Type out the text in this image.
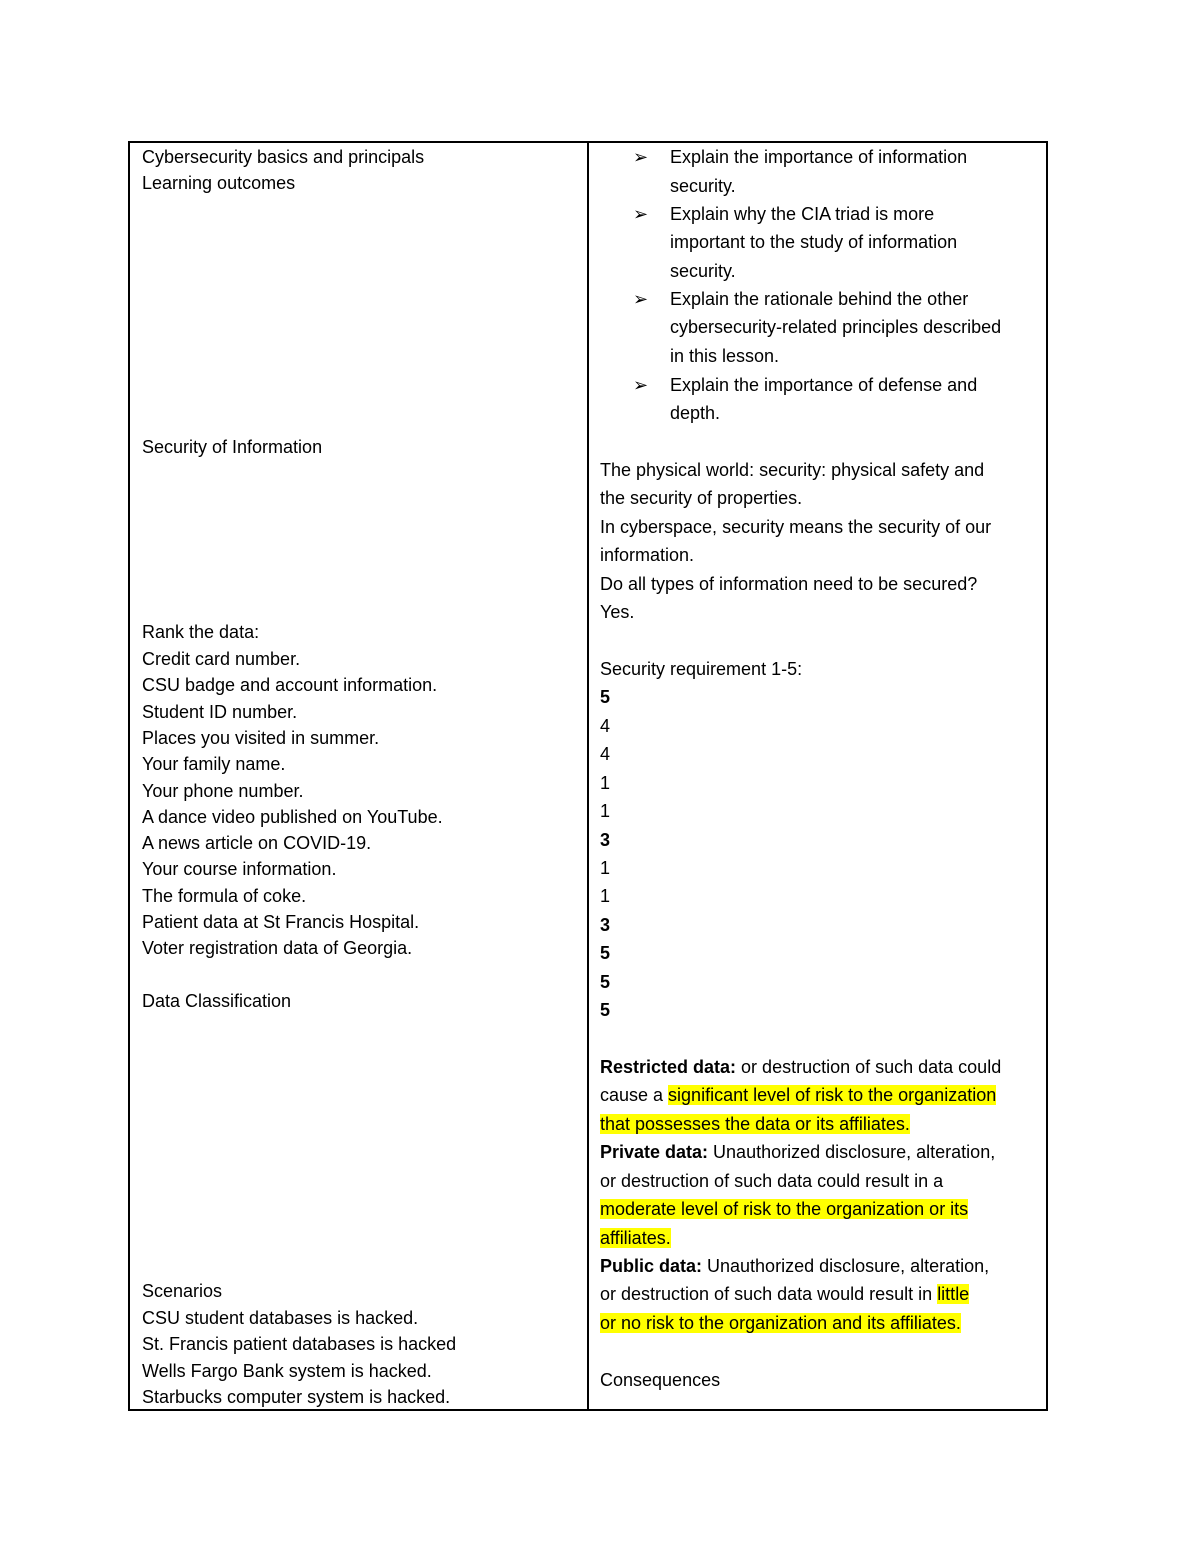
Cybersecurity basics and principals
Learning outcomes
Security of Information
Rank the data:
Credit card number.
CSU badge and account information.
Student ID number.
Places you visited in summer.
Your family name.
Your phone number.
A dance video published on YouTube.
A news article on COVID-19.
Your course information.
The formula of coke.
Patient data at St Francis Hospital.
Voter registration data of Georgia.
Data Classification
Scenarios
CSU student databases is hacked.
St. Francis patient databases is hacked
Wells Fargo Bank system is hacked.
Starbucks computer system is hacked.
➢ Explain the importance of information
security.
➢ Explain why the CIA triad is more
important to the study of information
security.
➢ Explain the rationale behind the other
cybersecurity-related principles described
in this lesson.
➢ Explain the importance of defense and
depth.
The physical world: security: physical safety and
the security of properties.
In cyberspace, security means the security of our
information.
Do all types of information need to be secured?
Yes.
Security requirement 1-5:
5
4
4
1
1
3
1
1
3
5
5
5
Restricted data: or destruction of such data could
cause a significant level of risk to the organization
that possesses the data or its affiliates.
Private data: Unauthorized disclosure, alteration,
or destruction of such data could result in a
moderate level of risk to the organization or its
affiliates.
Public data: Unauthorized disclosure, alteration,
or destruction of such data would result in little
or no risk to the organization and its affiliates.
Consequences
